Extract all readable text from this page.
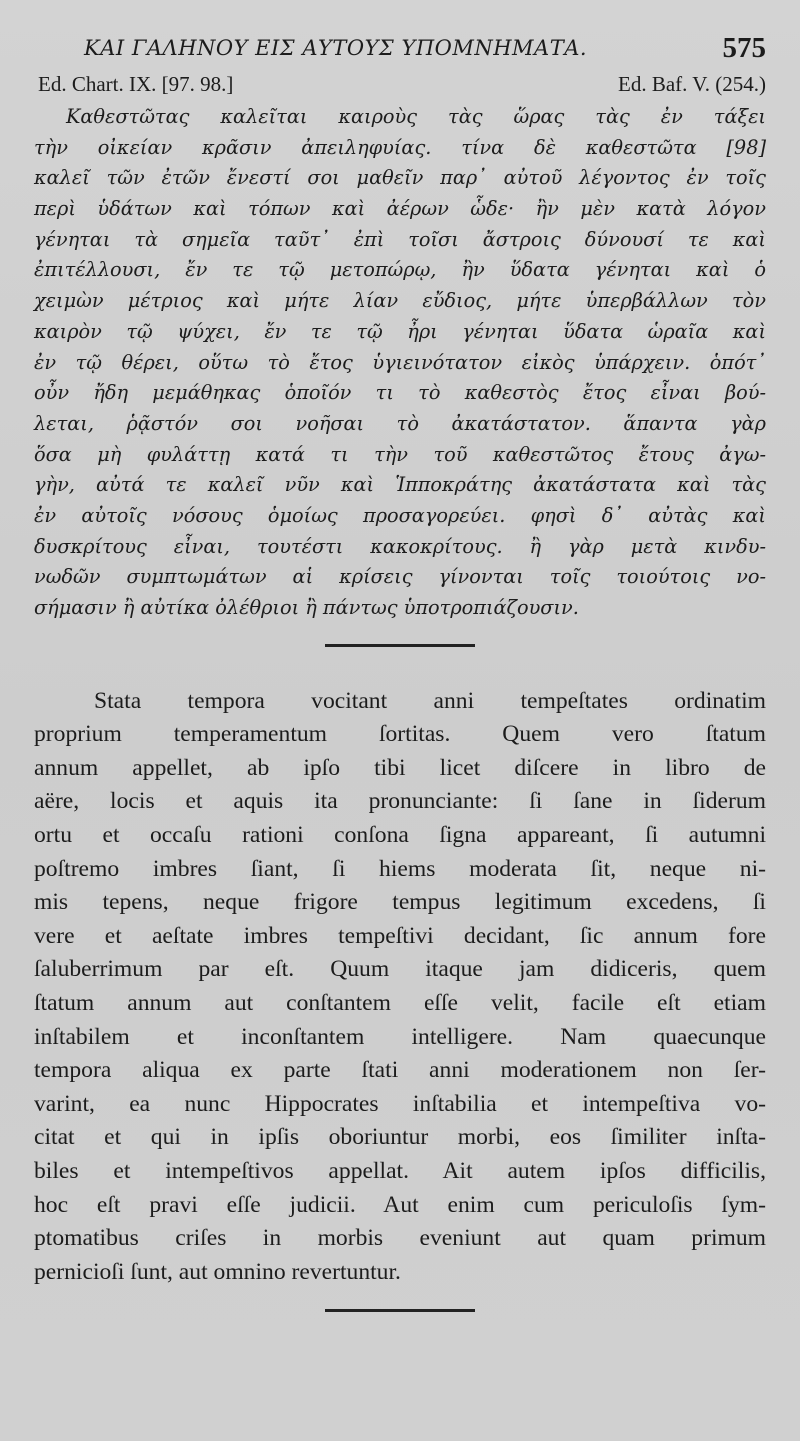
ΚΑΙ ΓΑΛΗΝΟΥ ΕΙΣ ΑΥΤΟΥΣ ΥΠΟΜΝΗΜΑΤΑ.	575
Ed. Chart. IX. [97. 98.]	Ed. Baf. V. (254.)
Καθεστῶτας καλεῖται καιροὺς τὰς ὥρας τὰς ἐν τάξει
τὴν οἰκείαν κρᾶσιν ἀπειληφυίας. τίνα δὲ καθεστῶτα [98]
καλεῖ τῶν ἐτῶν ἔνεστί σοι μαθεῖν παρ᾽ αὐτοῦ λέγοντος ἐν τοῖς
περὶ ὑδάτων καὶ τόπων καὶ ἀέρων ὧδε· ἢν μὲν κατὰ λόγον
γένηται τὰ σημεῖα ταῦτ᾽ ἐπὶ τοῖσι ἄστροις δύνουσί τε καὶ
ἐπιτέλλουσι, ἔν τε τῷ μετοπώρῳ, ἢν ὕδατα γένηται καὶ ὁ
χειμὼν μέτριος καὶ μήτε λίαν εὔδιος, μήτε ὑπερβάλλων τὸν
καιρὸν τῷ ψύχει, ἔν τε τῷ ἦρι γένηται ὕδατα ὡραῖα καὶ
ἐν τῷ θέρει, οὕτω τὸ ἔτος ὑγιεινότατον εἰκὸς ὑπάρχειν. ὁπότ᾽
οὖν ἤδη μεμάθηκας ὁποῖόν τι τὸ καθεστὸς ἔτος εἶναι βού-
λεται, ῥᾷστόν σοι νοῆσαι τὸ ἀκατάστατον. ἅπαντα γὰρ
ὅσα μὴ φυλάττῃ κατά τι τὴν τοῦ καθεστῶτος ἔτους ἀγω-
γὴν, αὐτά τε καλεῖ νῦν καὶ Ἱπποκράτης ἀκατάστατα καὶ τὰς
ἐν αὐτοῖς νόσους ὁμοίως προσαγορεύει. φησὶ δ᾽ αὐτὰς καὶ
δυσκρίτους εἶναι, τουτέστι κακοκρίτους. ἢ γὰρ μετὰ κινδυ-
νωδῶν συμπτωμάτων αἱ κρίσεις γίνονται τοῖς τοιούτοις νο-
σήμασιν ἢ αὐτίκα ὀλέθριοι ἢ πάντως ὑποτροπιάζουσιν.
Stata tempora vocitant anni tempeſtates ordinatim
proprium temperamentum ſortitas. Quem vero ſtatum
annum appellet, ab ipſo tibi licet diſcere in libro de
aëre, locis et aquis ita pronunciante: ſi ſane in ſiderum
ortu et occaſu rationi conſona ſigna appareant, ſi autumni
poſtremo imbres ſiant, ſi hiems moderata ſit, neque ni-
mis tepens, neque frigore tempus legitimum excedens, ſi
vere et aeſtate imbres tempeſtivi decidant, ſic annum fore
ſaluberrimum par eſt. Quum itaque jam didiceris, quem
ſtatum annum aut conſtantem eſſe velit, facile eſt etiam
inſtabilem et inconſtantem intelligere. Nam quaecunque
tempora aliqua ex parte ſtati anni moderationem non ſer-
varint, ea nunc Hippocrates inſtabilia et intempeſtiva vo-
citat et qui in ipſis oboriuntur morbi, eos ſimiliter inſta-
biles et intempeſtivos appellat. Ait autem ipſos difficilis,
hoc eſt pravi eſſe judicii. Aut enim cum periculoſis ſym-
ptomatibus criſes in morbis eveniunt aut quam primum
pernicioſi ſunt, aut omnino revertuntur.
